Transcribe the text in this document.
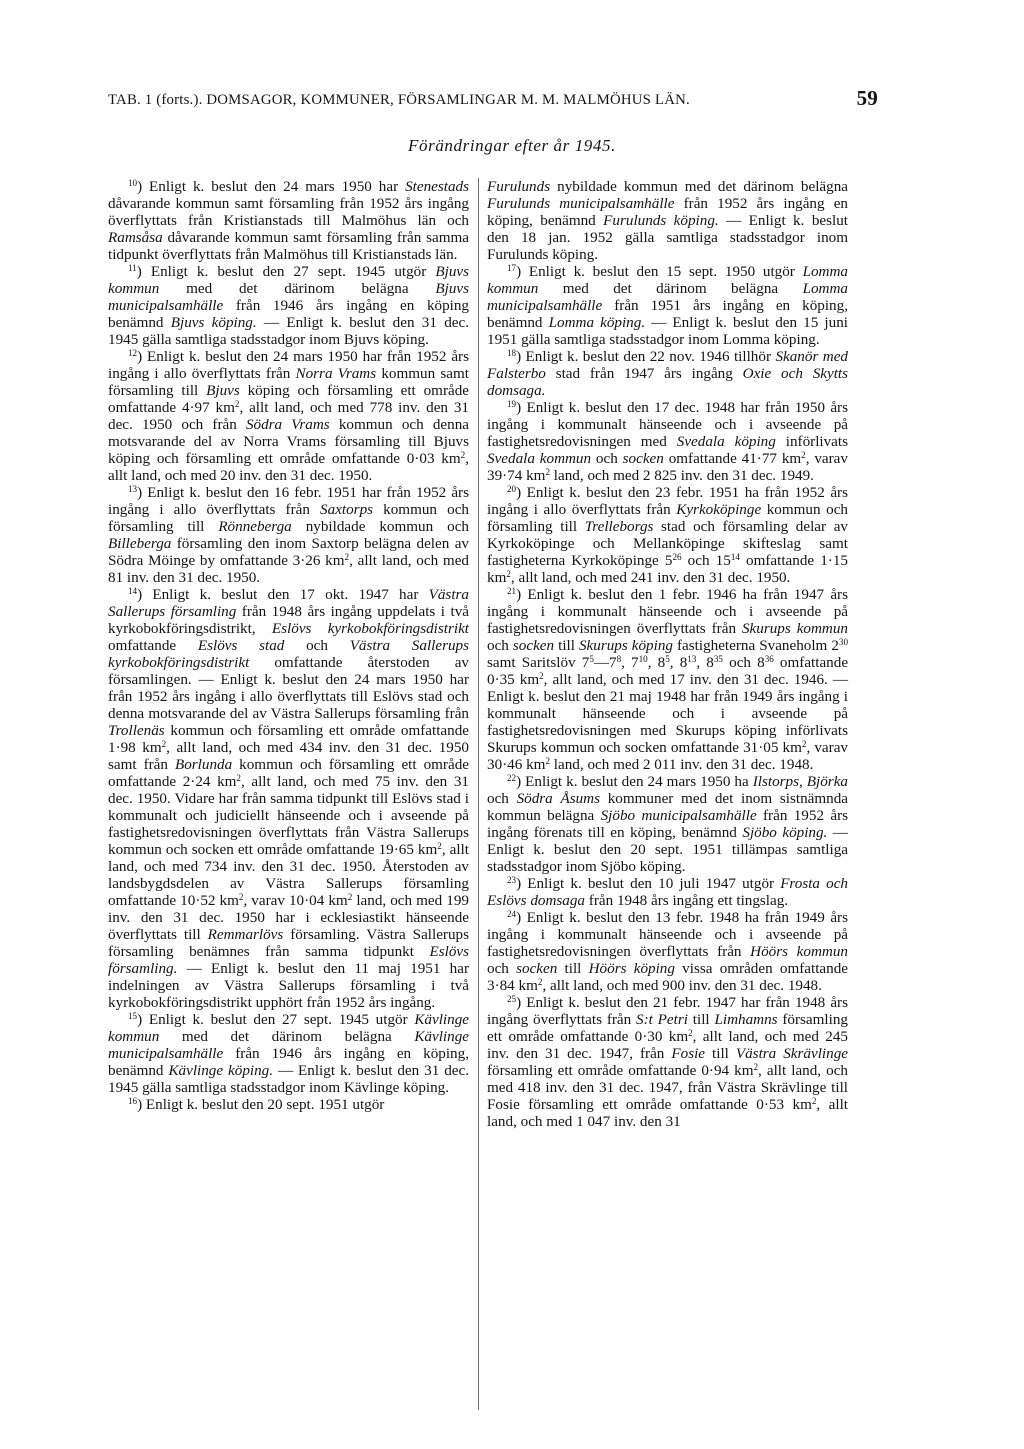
TAB. 1 (forts.). DOMSAGOR, KOMMUNER, FÖRSAMLINGAR M. M. MALMÖHUS LÄN.	59
Förändringar efter år 1945.

$^{10}$) Enligt k. beslut den 24 mars 1950 har Stenestads dåvarande kommun samt församling från 1952 års ingång överflyttats från Kristianstads till Malmöhus län och Ramsåsa dåvarande kommun samt församling från samma tidpunkt överflyttats från Malmöhus till Kristianstads län.

$^{11}$) Enligt k. beslut den 27 sept. 1945 utgör Bjuvs kommun med det därinom belägna Bjuvs municipalsamhälle från 1946 års ingång en köping benämnd Bjuvs köping. — Enligt k. beslut den 31 dec. 1945 gälla samtliga stadsstadgor inom Bjuvs köping.

$^{12}$) Enligt k. beslut den 24 mars 1950 har från 1952 års ingång i allo överflyttats från Norra Vrams kommun samt församling till Bjuvs köping och församling ett område omfattande 4·97 $km^2$, allt land, och med 778 inv. den 31 dec. 1950 och från Södra Vrams kommun och denna motsvarande del av Norra Vrams församling till Bjuvs köping och församling ett område omfattande 0·03 $km^2$, allt land, och med 20 inv. den 31 dec. 1950.

$^{13}$) Enligt k. beslut den 16 febr. 1951 har från 1952 års ingång i allo överflyttats från Saxtorps kommun och församling till Rönneberga nybildade kommun och Billeberga församling den inom Saxtorp belägna delen av Södra Möinge by omfattande 3·26 $km^2$, allt land, och med 81 inv. den 31 dec. 1950.

$^{14}$) Enligt k. beslut den 17 okt. 1947 har Västra Sallerups församling från 1948 års ingång uppdelats i två kyrkobokföringsdistrikt, Eslövs kyrkobokföringsdistrikt omfattande Eslövs stad och Västra Sallerups kyrkobokföringsdistrikt omfattande återstoden av församlingen. — Enligt k. beslut den 24 mars 1950 har från 1952 års ingång i allo överflyttats till Eslövs stad och denna motsvarande del av Västra Sallerups församling från Trollenäs kommun och församling ett område omfattande 1·98 $km^2$, allt land, och med 434 inv. den 31 dec. 1950 samt från Borlunda kommun och församling ett område omfattande 2·24 $km^2$, allt land, och med 75 inv. den 31 dec. 1950. Vidare har från samma tidpunkt till Eslövs stad i kommunalt och judiciellt hänseende och i avseende på fastighetsredovisningen överflyttats från Västra Sallerups kommun och socken ett område omfattande 19·65 $km^2$, allt land, och med 734 inv. den 31 dec. 1950. Återstoden av landsbygdsdelen av Västra Sallerups församling omfattande 10·52 $km^2$, varav 10·04 $km^2$ land, och med 199 inv. den 31 dec. 1950 har i ecklesiastikt hänseende överflyttats till Remmarlövs församling. Västra Sallerups församling benämnes från samma tidpunkt Eslövs församling. — Enligt k. beslut den 11 maj 1951 har indelningen av Västra Sallerups församling i två kyrkobokföringsdistrikt upphört från 1952 års ingång.

$^{15}$) Enligt k. beslut den 27 sept. 1945 utgör Kävlinge kommun med det därinom belägna Kävlinge municipalsamhälle från 1946 års ingång en köping, benämnd Kävlinge köping. — Enligt k. beslut den 31 dec. 1945 gälla samtliga stadsstadgor inom Kävlinge köping.

$^{16}$) Enligt k. beslut den 20 sept. 1951 utgör

Furulunds nybildade kommun med det därinom belägna Furulunds municipalsamhälle från 1952 års ingång en köping, benämnd Furulunds köping. — Enligt k. beslut den 18 jan. 1952 gälla samtliga stadsstadgor inom Furulunds köping.

$^{17}$) Enligt k. beslut den 15 sept. 1950 utgör Lomma kommun med det därinom belägna Lomma municipalsamhälle från 1951 års ingång en köping, benämnd Lomma köping. — Enligt k. beslut den 15 juni 1951 gälla samtliga stadsstadgor inom Lomma köping.

$^{18}$) Enligt k. beslut den 22 nov. 1946 tillhör Skanör med Falsterbo stad från 1947 års ingång Oxie och Skytts domsaga.

$^{19}$) Enligt k. beslut den 17 dec. 1948 har från 1950 års ingång i kommunalt hänseende och i avseende på fastighetsredovisningen med Svedala köping införlivats Svedala kommun och socken omfattande 41·77 $km^2$, varav 39·74 $km^2$ land, och med 2 825 inv. den 31 dec. 1949.

$^{20}$) Enligt k. beslut den 23 febr. 1951 ha från 1952 års ingång i allo överflyttats från Kyrkoköpinge kommun och församling till Trelleborgs stad och församling delar av Kyrkoköpinge och Mellanköpinge skifteslag samt fastigheterna Kyrkoköpinge $5^{26}$ och $15^{14}$ omfattande 1·15 $km^2$, allt land, och med 241 inv. den 31 dec. 1950.

$^{21}$) Enligt k. beslut den 1 febr. 1946 ha från 1947 års ingång i kommunalt hänseende och i avseende på fastighetsredovisningen överflyttats från Skurups kommun och socken till Skurups köping fastigheterna Svaneholm $2^{30}$ samt Saritslöv $7^5—7^8$, $7^{10}$, $8^5$, $8^{13}$, $8^{35}$ och $8^{36}$ omfattande 0·35 $km^2$, allt land, och med 17 inv. den 31 dec. 1946. — Enligt k. beslut den 21 maj 1948 har från 1949 års ingång i kommunalt hänseende och i avseende på fastighetsredovisningen med Skurups köping införlivats Skurups kommun och socken omfattande 31·05 $km^2$, varav 30·46 $km^2$ land, och med 2 011 inv. den 31 dec. 1948.

$^{22}$) Enligt k. beslut den 24 mars 1950 ha Ilstorps, Björka och Södra Åsums kommuner med det inom sistnämnda kommun belägna Sjöbo municipalsamhälle från 1952 års ingång förenats till en köping, benämnd Sjöbo köping. — Enligt k. beslut den 20 sept. 1951 tillämpas samtliga stadsstadgor inom Sjöbo köping.

$^{23}$) Enligt k. beslut den 10 juli 1947 utgör Frosta och Eslövs domsaga från 1948 års ingång ett tingslag.

$^{24}$) Enligt k. beslut den 13 febr. 1948 ha från 1949 års ingång i kommunalt hänseende och i avseende på fastighetsredovisningen överflyttats från Höörs kommun och socken till Höörs köping vissa områden omfattande 3·84 $km^2$, allt land, och med 900 inv. den 31 dec. 1948.

$^{25}$) Enligt k. beslut den 21 febr. 1947 har från 1948 års ingång överflyttats från S:t Petri till Limhamns församling ett område omfattande 0·30 $km^2$, allt land, och med 245 inv. den 31 dec. 1947, från Fosie till Västra Skrävlinge församling ett område omfattande 0·94 $km^2$, allt land, och med 418 inv. den 31 dec. 1947, från Västra Skrävlinge till Fosie församling ett område omfattande 0·53 $km^2$, allt land, och med 1 047 inv. den 31
